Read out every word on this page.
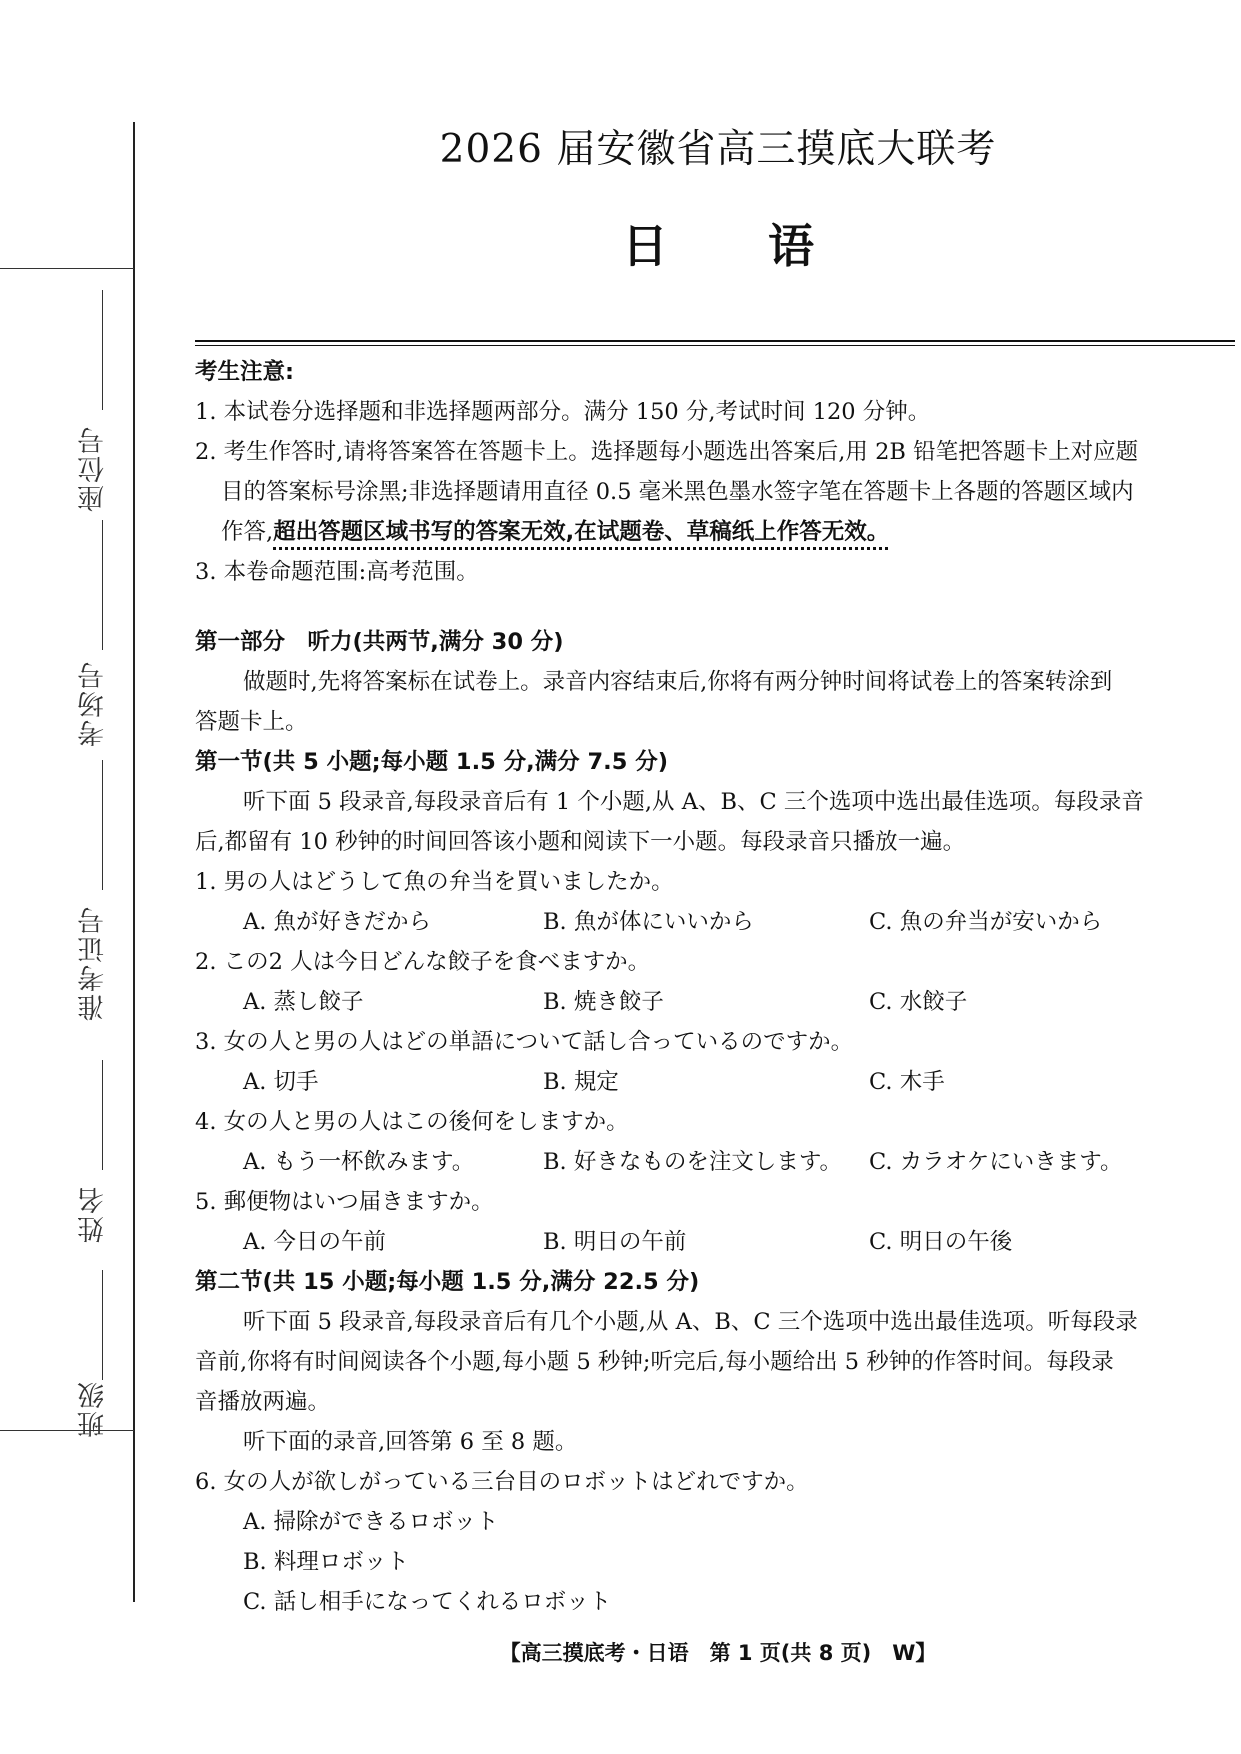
座位号
考场号
准考证号
姓名
班级
2026 届安徽省高三摸底大联考
日语
考生注意:
1. 本试卷分选择题和非选择题两部分。满分 150 分,考试时间 120 分钟。
2. 考生作答时,请将答案答在答题卡上。选择题每小题选出答案后,用 2B 铅笔把答题卡上对应题
目的答案标号涂黑;非选择题请用直径 0.5 毫米黑色墨水签字笔在答题卡上各题的答题区域内
作答,超出答题区域书写的答案无效,在试题卷、草稿纸上作答无效。
3. 本卷命题范围:高考范围。
第一部分　听力(共两节,满分 30 分)
做题时,先将答案标在试卷上。录音内容结束后,你将有两分钟时间将试卷上的答案转涂到
答题卡上。
第一节(共 5 小题;每小题 1.5 分,满分 7.5 分)
听下面 5 段录音,每段录音后有 1 个小题,从 A、B、C 三个选项中选出最佳选项。每段录音
后,都留有 10 秒钟的时间回答该小题和阅读下一小题。每段录音只播放一遍。
1. 男の人はどうして魚の弁当を買いましたか。
A. 魚が好きだから	B. 魚が体にいいから	C. 魚の弁当が安いから
2. この2 人は今日どんな餃子を食べますか。
A. 蒸し餃子	B. 焼き餃子	C. 水餃子
3. 女の人と男の人はどの単語について話し合っているのですか。
A. 切手	B. 規定	C. 木手
4. 女の人と男の人はこの後何をしますか。
A. もう一杯飲みます。	B. 好きなものを注文します。	C. カラオケにいきます。
5. 郵便物はいつ届きますか。
A. 今日の午前	B. 明日の午前	C. 明日の午後
第二节(共 15 小题;每小题 1.5 分,满分 22.5 分)
听下面 5 段录音,每段录音后有几个小题,从 A、B、C 三个选项中选出最佳选项。听每段录
音前,你将有时间阅读各个小题,每小题 5 秒钟;听完后,每小题给出 5 秒钟的作答时间。每段录
音播放两遍。
听下面的录音,回答第 6 至 8 题。
6. 女の人が欲しがっている三台目のロボットはどれですか。
A. 掃除ができるロボット
B. 料理ロボット
C. 話し相手になってくれるロボット
【高三摸底考・日语　第 1 页(共 8 页)　W】
